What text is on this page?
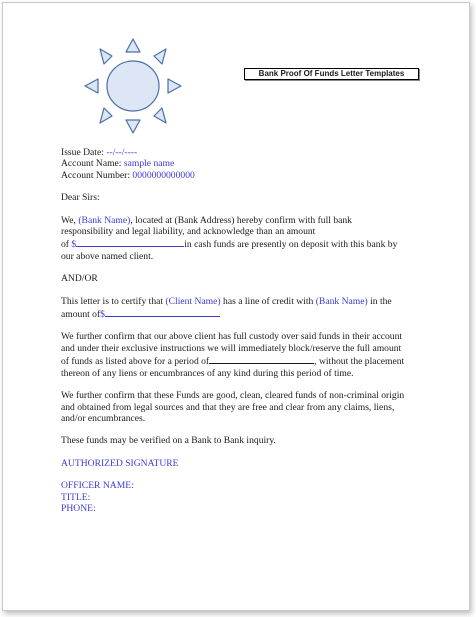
Bank Proof Of Funds Letter Templates
Issue Date: --/--/----
Account Name: sample name
Account Number: 0000000000000
Dear Sirs:
We, (Bank Name), located at (Bank Address) hereby confirm with full bank
responsibility and legal liability, and acknowledge than an amount
of $	in cash funds are presently on deposit with this bank by
our above named client.
AND/OR
This letter is to certify that (Client Name) has a line of credit with (Bank Name) in the
amount of$
We further confirm that our above client has full custody over said funds in their account
and under their exclusive instructions we will immediately block/reserve the full amount
of funds as listed above for a period of	, without the placement
thereon of any liens or encumbrances of any kind during this period of time.
We further confirm that these Funds are good, clean, cleared funds of non-criminal origin
and obtained from legal sources and that they are free and clear from any claims, liens,
and/or encumbrances.
These funds may be verified on a Bank to Bank inquiry.
AUTHORIZED SIGNATURE
OFFICER NAME:
TITLE:
PHONE:
